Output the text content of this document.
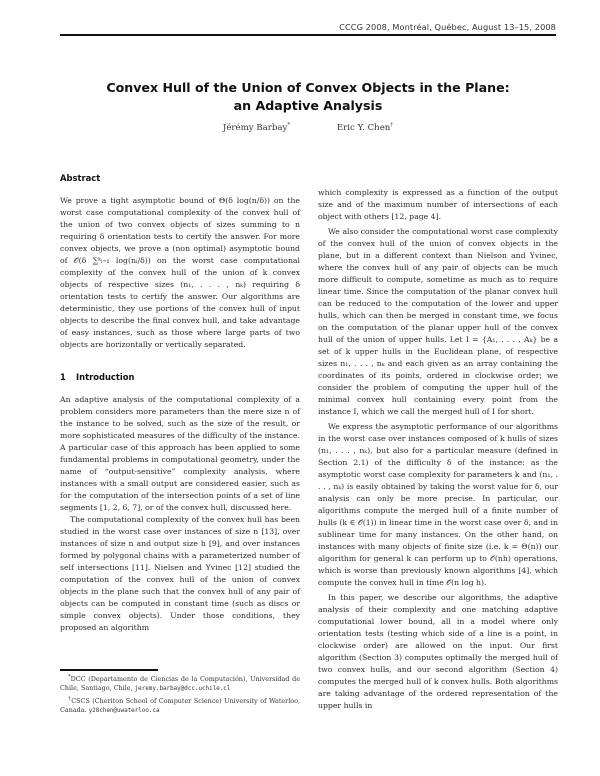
CCCG 2008, Montréal, Québec, August 13–15, 2008
Convex Hull of the Union of Convex Objects in the Plane:
an Adaptive Analysis
Jérémy Barbay*	Eric Y. Chen†
Abstract

We prove a tight asymptotic bound of Θ(δ log(n/δ)) on the worst case computational complexity of the convex hull of the union of two convex objects of sizes summing to n requiring δ orientation tests to certify the answer. For more convex objects, we prove a (non optimal) asymptotic bound of 𝒪(δ ∑ᵏᵢ₌₁ log(nᵢ/δ)) on the worst case computational complexity of the convex hull of the union of k convex objects of respective sizes (n₁, . . . , nₖ) requiring δ orientation tests to certify the answer. Our algorithms are deterministic, they use portions of the convex hull of input objects to describe the final convex hull, and take advantage of easy instances, such as those where large parts of two objects are horizontally or vertically separated.

1 Introduction

An adaptive analysis of the computational complexity of a problem considers more parameters than the mere size n of the instance to be solved, such as the size of the result, or more sophisticated measures of the difficulty of the instance. A particular case of this approach has been applied to some fundamental problems in computational geometry, under the name of “output-sensitive” complexity analysis, where instances with a small output are considered easier, such as for the computation of the intersection points of a set of line segments [1, 2, 6, 7], or of the convex hull, discussed here.

The computational complexity of the convex hull has been studied in the worst case over instances of size n [13], over instances of size n and output size h [9], and over instances formed by polygonal chains with a parameterized number of self intersections [11]. Nielsen and Yvinec [12] studied the computation of the convex hull of the union of convex objects in the plane such that the convex hull of any pair of objects can be computed in constant time (such as discs or simple convex objects). Under those conditions, they proposed an algorithm

which complexity is expressed as a function of the output size and of the maximum number of intersections of each object with others [12, page 4].

We also consider the computational worst case complexity of the convex hull of the union of convex objects in the plane, but in a different context than Nielson and Yvinec, where the convex hull of any pair of objects can be much more difficult to compute, sometime as much as to require linear time. Since the computation of the planar convex hull can be reduced to the computation of the lower and upper hulls, which can then be merged in constant time, we focus on the computation of the planar upper hull of the convex hull of the union of upper hulls. Let I = {A₁, . . . , Aₖ} be a set of k upper hulls in the Euclidean plane, of respective sizes n₁, . . . , nₖ and each given as an array containing the coordinates of its points, ordered in clockwise order; we consider the problem of computing the upper hull of the minimal convex hull containing every point from the instance I, which we call the merged hull of I for short.

We express the asymptotic performance of our algorithms in the worst case over instances composed of k hulls of sizes (n₁, . . . , nₖ), but also for a particular measure (defined in Section 2.1) of the difficulty δ of the instance: as the asymptotic worst case complexity for parameters k and (n₁, . . . , nₖ) is easily obtained by taking the worst value for δ, our analysis can only be more precise. In particular, our algorithms compute the merged hull of a finite number of hulls (k ∈ 𝒪(1)) in linear time in the worst case over δ, and in sublinear time for many instances. On the other hand, on instances with many objects of finite size (i.e. k = Θ(n)) our algorithm for general k can perform up to 𝒪(nh) operations, which is worse than previously known algorithms [4], which compute the convex hull in time 𝒪(n log h).

In this paper, we describe our algorithms, the adaptive analysis of their complexity and one matching adaptive computational lower bound, all in a model where only orientation tests (testing which side of a line is a point, in clockwise order) are allowed on the input. Our first algorithm (Section 3) computes optimally the merged hull of two convex hulls, and our second algorithm (Section 4) computes the merged hull of k convex hulls. Both algorithms are taking advantage of the ordered representation of the upper hulls in

*DCC (Departamento de Ciencias de la Computación), Universidad de Chile, Santiago, Chile, jeremy.barbay@dcc.uchile.cl

†CSCS (Cheriton School of Computer Science) University of Waterloo, Canada. y28chen@uwaterloo.ca
